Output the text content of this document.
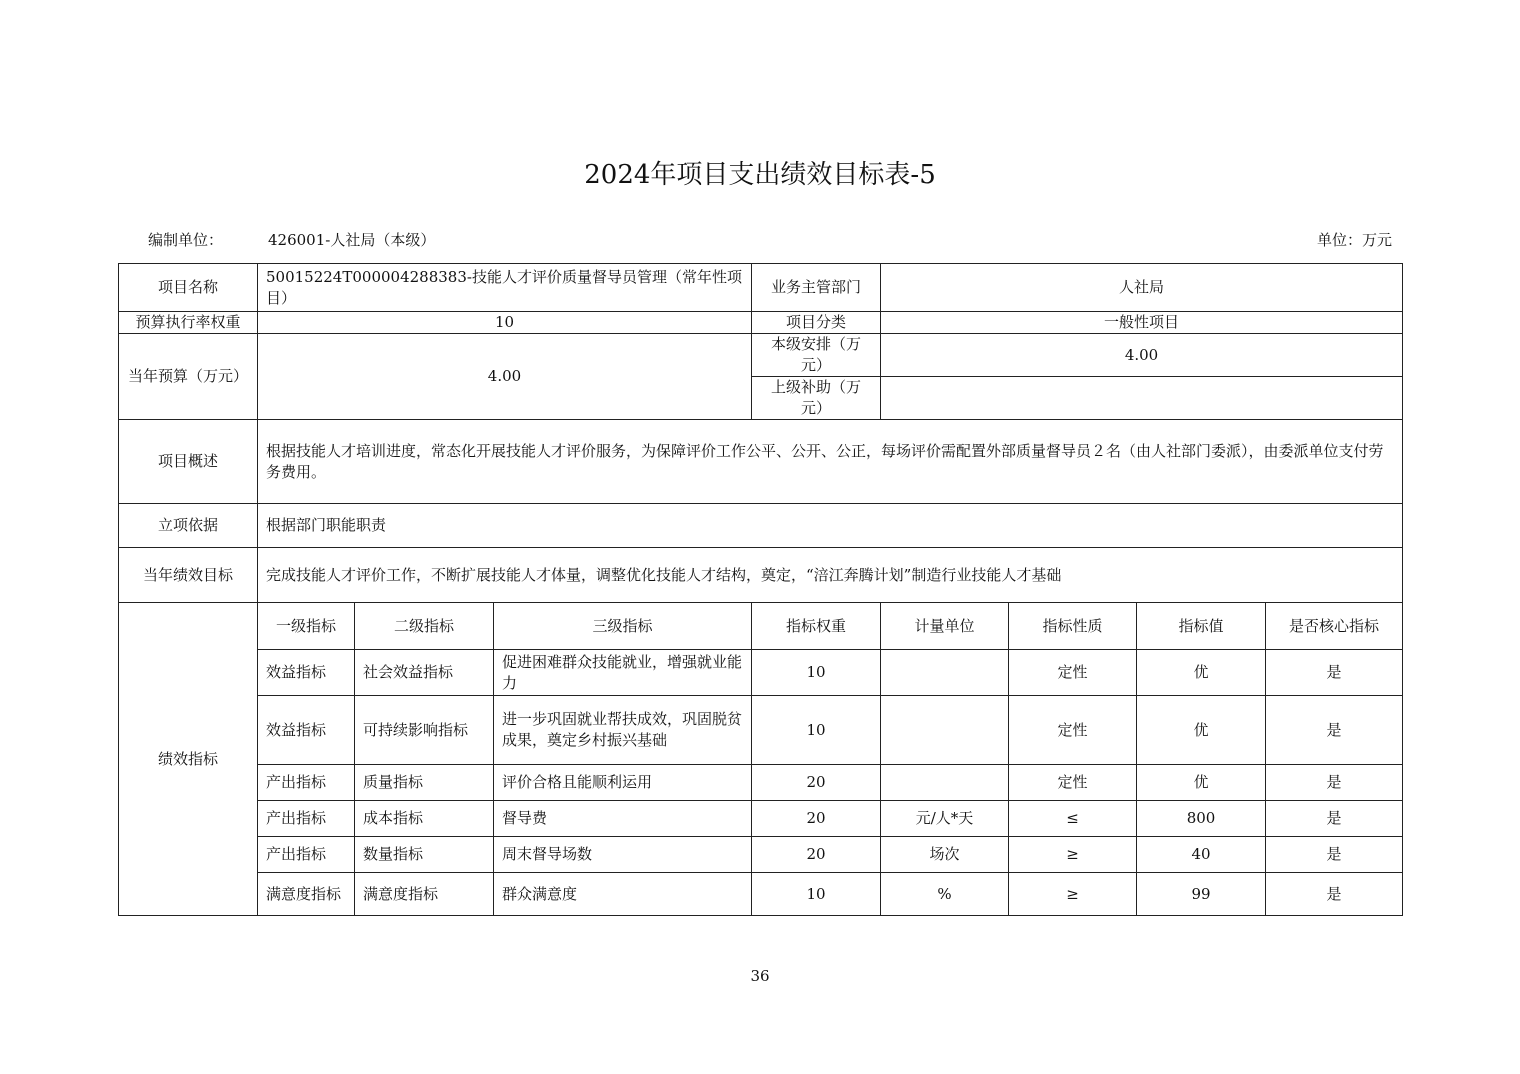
2024年项目支出绩效目标表-5
编制单位：	426001-人社局（本级）	单位：万元
项目名称	50015224T000004288383-技能人才评价质量督导员管理（常年性项目）			业务主管部门	人社局			
预算执行率权重	10			项目分类	一般性项目			
当年预算（万元）	4.00			本级安排（万元）	4.00			
				上级补助（万元）				
项目概述	根据技能人才培训进度，常态化开展技能人才评价服务，为保障评价工作公平、公开、公正，每场评价需配置外部质量督导员２名（由人社部门委派），由委派单位支付劳务费用。							
立项依据	根据部门职能职责							
当年绩效目标	完成技能人才评价工作，不断扩展技能人才体量，调整优化技能人才结构，奠定，“涪江奔腾计划”制造行业技能人才基础							
绩效指标	一级指标	二级指标	三级指标	指标权重	计量单位	指标性质	指标值	是否核心指标
	效益指标	社会效益指标	促进困难群众技能就业，增强就业能力	10		定性	优	是
	效益指标	可持续影响指标	进一步巩固就业帮扶成效，巩固脱贫成果，奠定乡村振兴基础	10		定性	优	是
	产出指标	质量指标	评价合格且能顺利运用	20		定性	优	是
	产出指标	成本指标	督导费	20	元/人*天	≤	800	是
	产出指标	数量指标	周末督导场数	20	场次	≥	40	是
	满意度指标	满意度指标	群众满意度	10	%	≥	99	是
36
